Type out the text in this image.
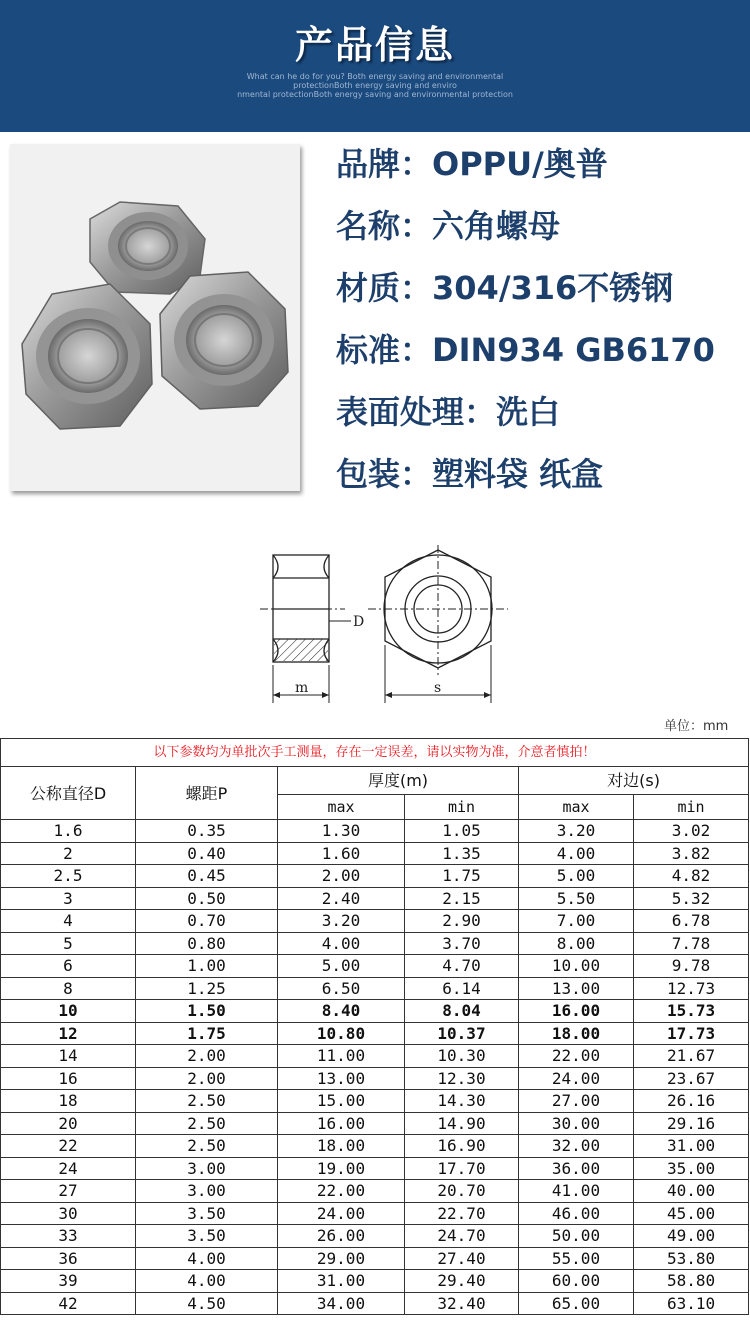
产品信息
What can he do for you? Both energy saving and environmental
protectionBoth energy saving and enviro
nmental protectionBoth energy saving and environmental protection
品牌：OPPU/奥普
名称：六角螺母
材质：304/316不锈钢
标准：DIN934 GB6170
表面处理：洗白
包装：塑料袋 纸盒
D
m	s
单位：mm
以下参数均为单批次手工测量，存在一定误差，请以实物为准，介意者慎拍！					
公称直径D	螺距P	厚度(m)		对边(s)	
		max	min	max	min
1.6	0.35	1.30	1.05	3.20	3.02
2	0.40	1.60	1.35	4.00	3.82
2.5	0.45	2.00	1.75	5.00	4.82
3	0.50	2.40	2.15	5.50	5.32
4	0.70	3.20	2.90	7.00	6.78
5	0.80	4.00	3.70	8.00	7.78
6	1.00	5.00	4.70	10.00	9.78
8	1.25	6.50	6.14	13.00	12.73
10	1.50	8.40	8.04	16.00	15.73
12	1.75	10.80	10.37	18.00	17.73
14	2.00	11.00	10.30	22.00	21.67
16	2.00	13.00	12.30	24.00	23.67
18	2.50	15.00	14.30	27.00	26.16
20	2.50	16.00	14.90	30.00	29.16
22	2.50	18.00	16.90	32.00	31.00
24	3.00	19.00	17.70	36.00	35.00
27	3.00	22.00	20.70	41.00	40.00
30	3.50	24.00	22.70	46.00	45.00
33	3.50	26.00	24.70	50.00	49.00
36	4.00	29.00	27.40	55.00	53.80
39	4.00	31.00	29.40	60.00	58.80
42	4.50	34.00	32.40	65.00	63.10
